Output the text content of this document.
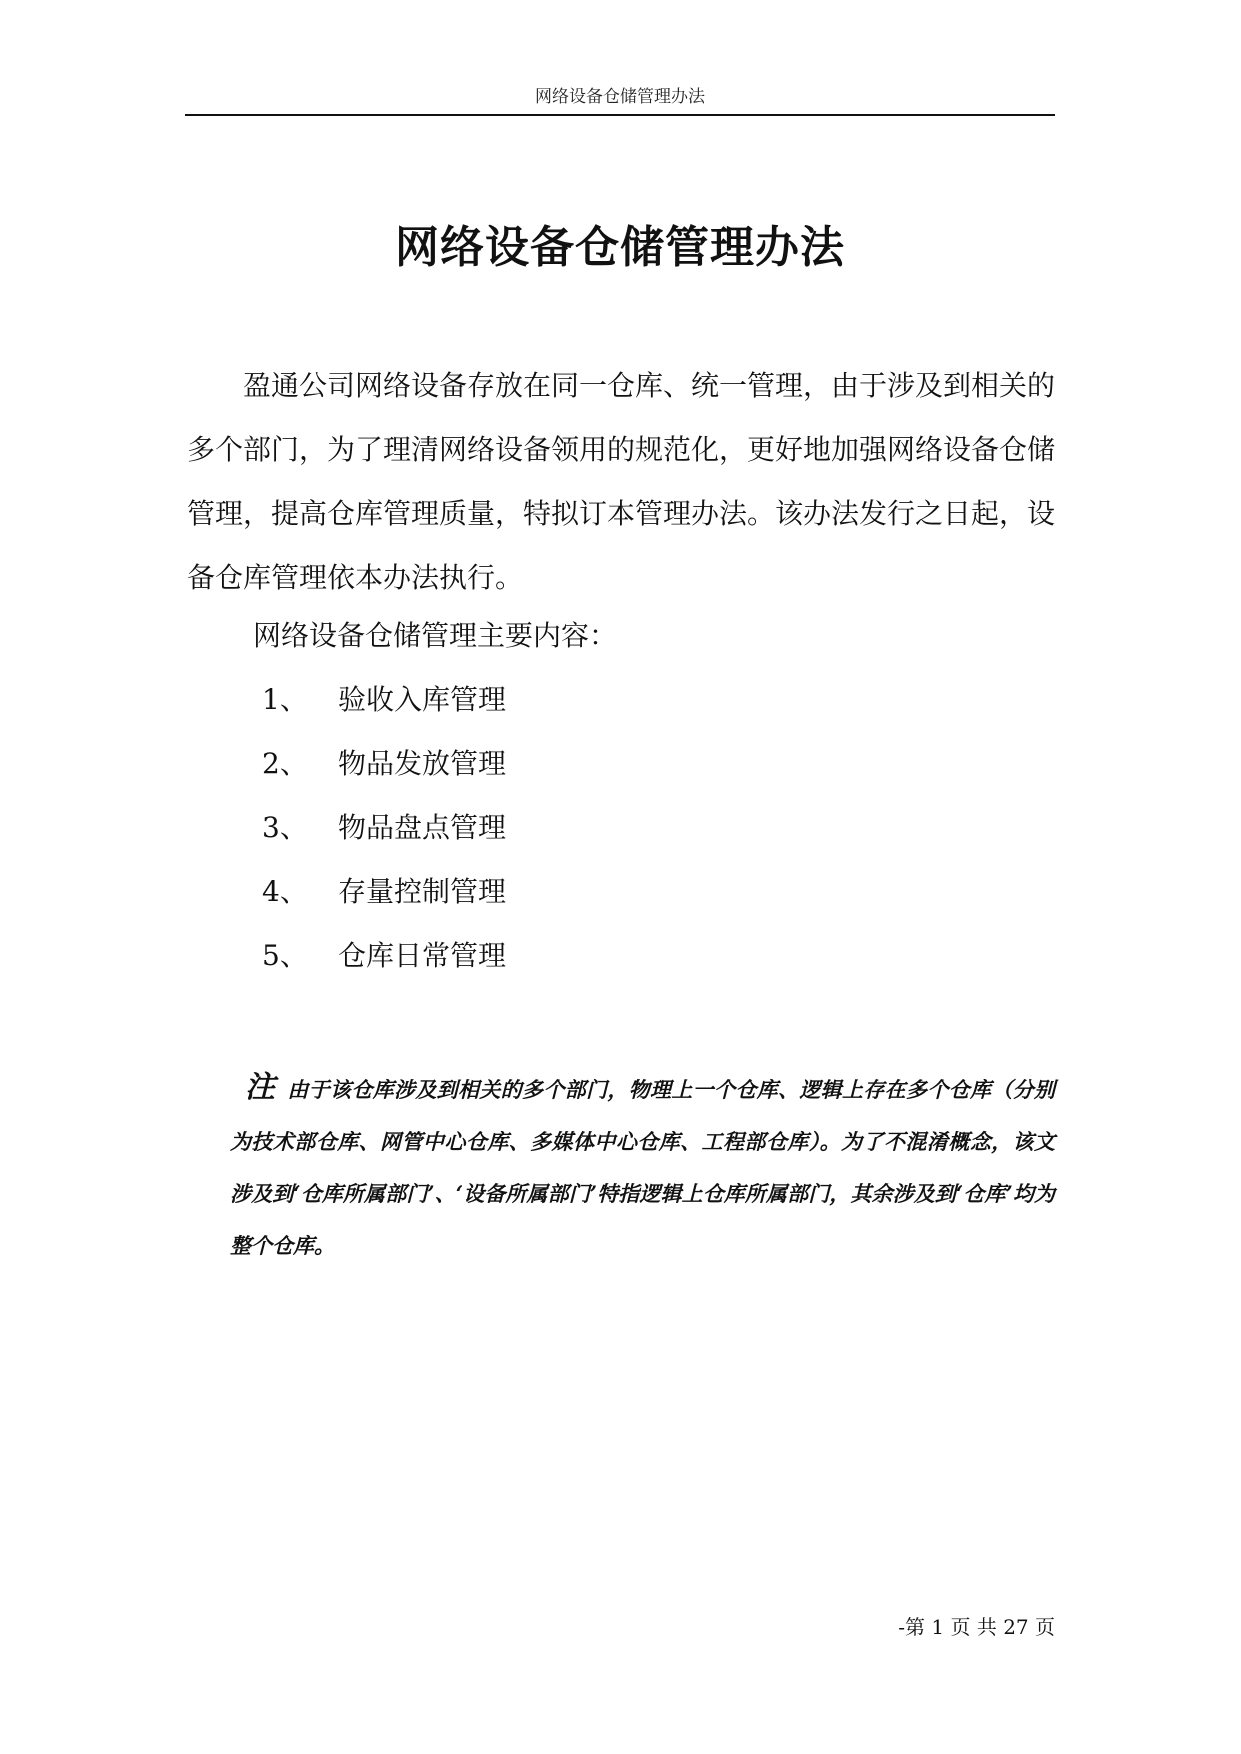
网络设备仓储管理办法
网络设备仓储管理办法

盈通公司网络设备存放在同一仓库、统一管理，由于涉及到相关的多个部门，为了理清网络设备领用的规范化，更好地加强网络设备仓储管理，提高仓库管理质量，特拟订本管理办法。该办法发行之日起，设备仓库管理依本办法执行。

网络设备仓储管理主要内容：

1、 验收入库管理
2、 物品发放管理
3、 物品盘点管理
4、 存量控制管理
5、 仓库日常管理

注 由于该仓库涉及到相关的多个部门，物理上一个仓库、逻辑上存在多个仓库（分别为技术部仓库、网管中心仓库、多媒体中心仓库、工程部仓库）。为了不混淆概念，该文涉及到‘仓库所属部门’、‘设备所属部门’特指逻辑上仓库所属部门，其余涉及到‘仓库’均为整个仓库。

-第 1 页 共 27 页
